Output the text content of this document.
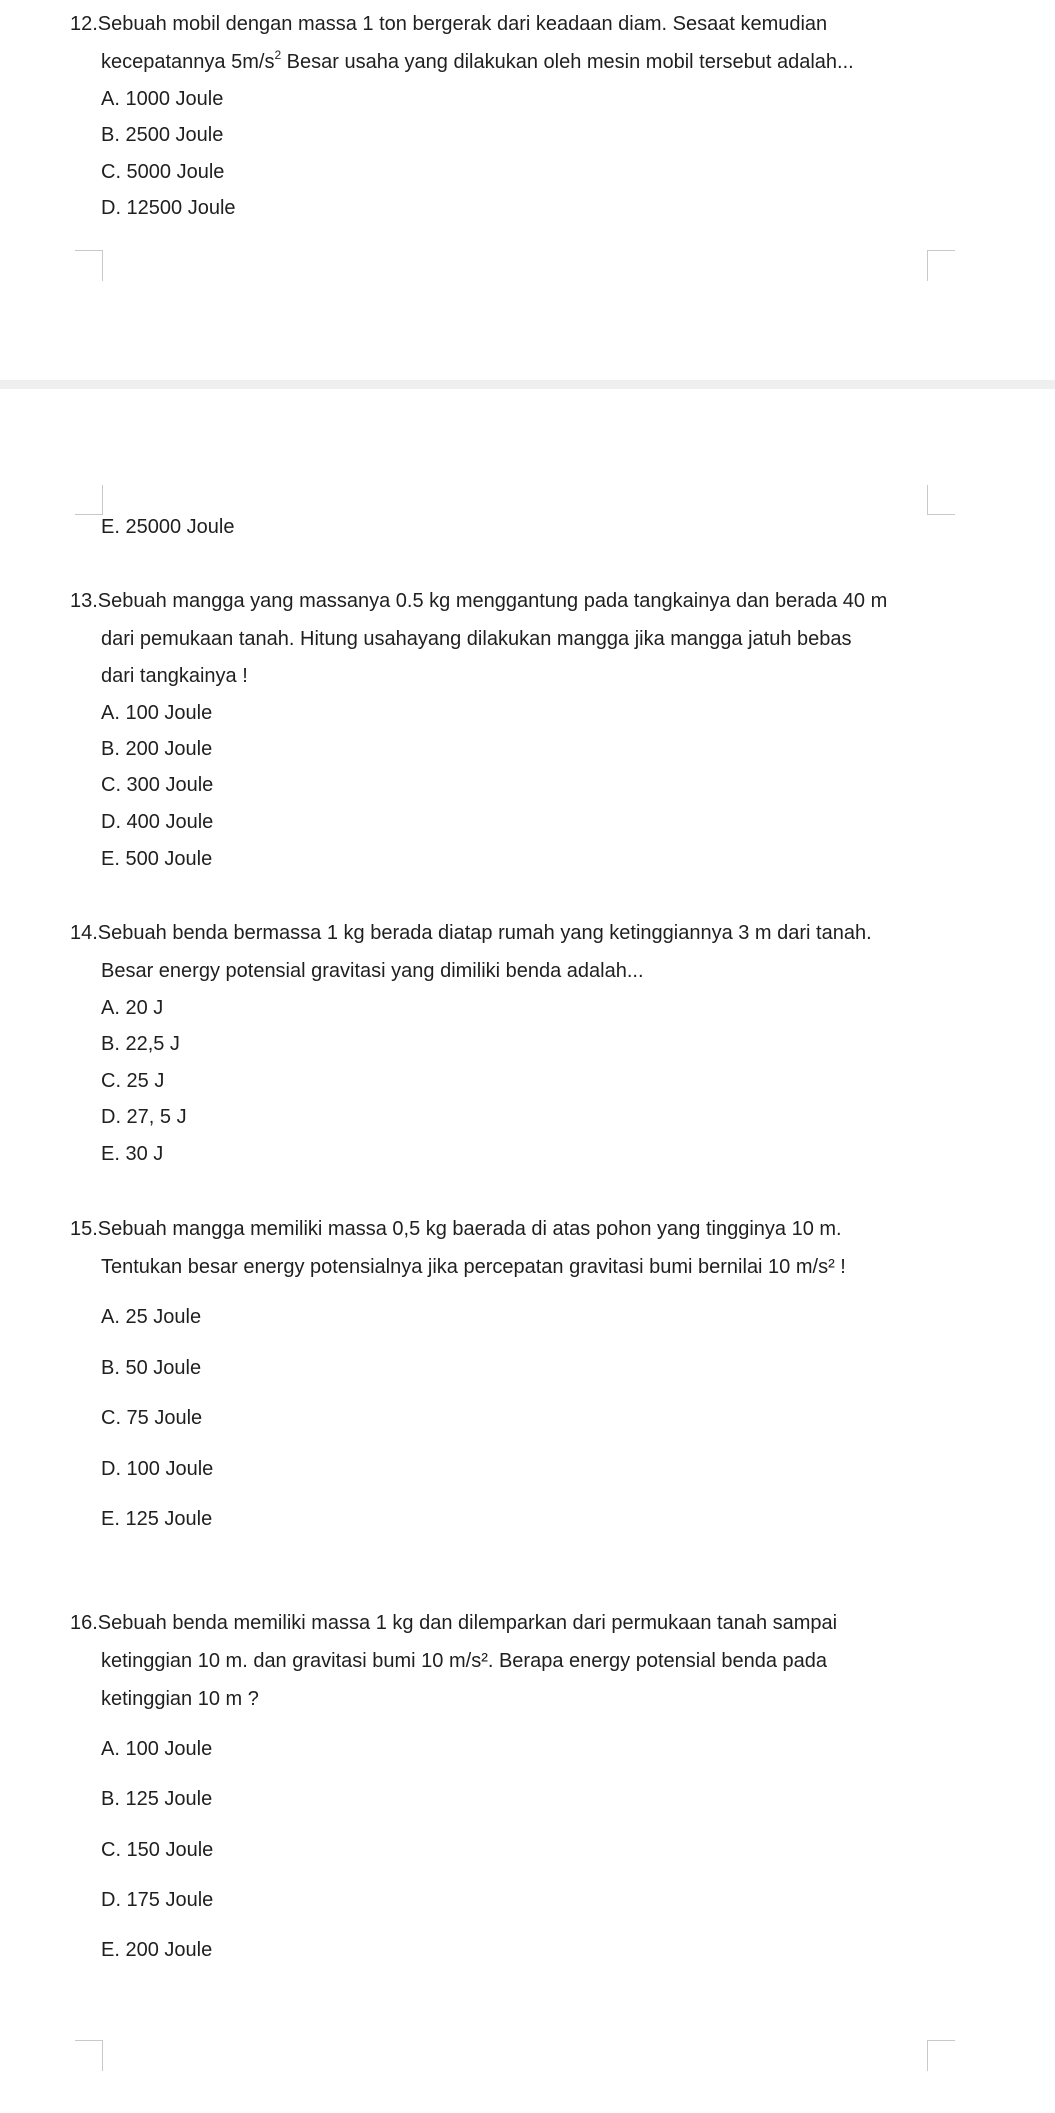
12.Sebuah mobil dengan massa 1 ton bergerak dari keadaan diam. Sesaat kemudian
kecepatannya $5m/s^2$ Besar usaha yang dilakukan oleh mesin mobil tersebut adalah...
A. 1000 Joule
B. 2500 Joule
C. 5000 Joule
D. 12500 Joule
E. 25000 Joule
13.Sebuah mangga yang massanya 0.5 kg menggantung pada tangkainya dan berada 40 m
dari pemukaan tanah. Hitung usahayang dilakukan mangga jika mangga jatuh bebas
dari tangkainya !
A. 100 Joule
B. 200 Joule
C. 300 Joule
D. 400 Joule
E. 500 Joule
14.Sebuah benda bermassa 1 kg berada diatap rumah yang ketinggiannya 3 m dari tanah.
Besar energy potensial gravitasi yang dimiliki benda adalah...
A. 20 J
B. 22,5 J
C. 25 J
D. 27, 5 J
E. 30 J
15.Sebuah mangga memiliki massa 0,5 kg baerada di atas pohon yang tingginya 10 m.
Tentukan besar energy potensialnya jika percepatan gravitasi bumi bernilai 10 m/s² !
A. 25 Joule
B. 50 Joule
C. 75 Joule
D. 100 Joule
E. 125 Joule
16.Sebuah benda memiliki massa 1 kg dan dilemparkan dari permukaan tanah sampai
ketinggian 10 m. dan gravitasi bumi 10 m/s². Berapa energy potensial benda pada
ketinggian 10 m ?
A. 100 Joule
B. 125 Joule
C. 150 Joule
D. 175 Joule
E. 200 Joule
